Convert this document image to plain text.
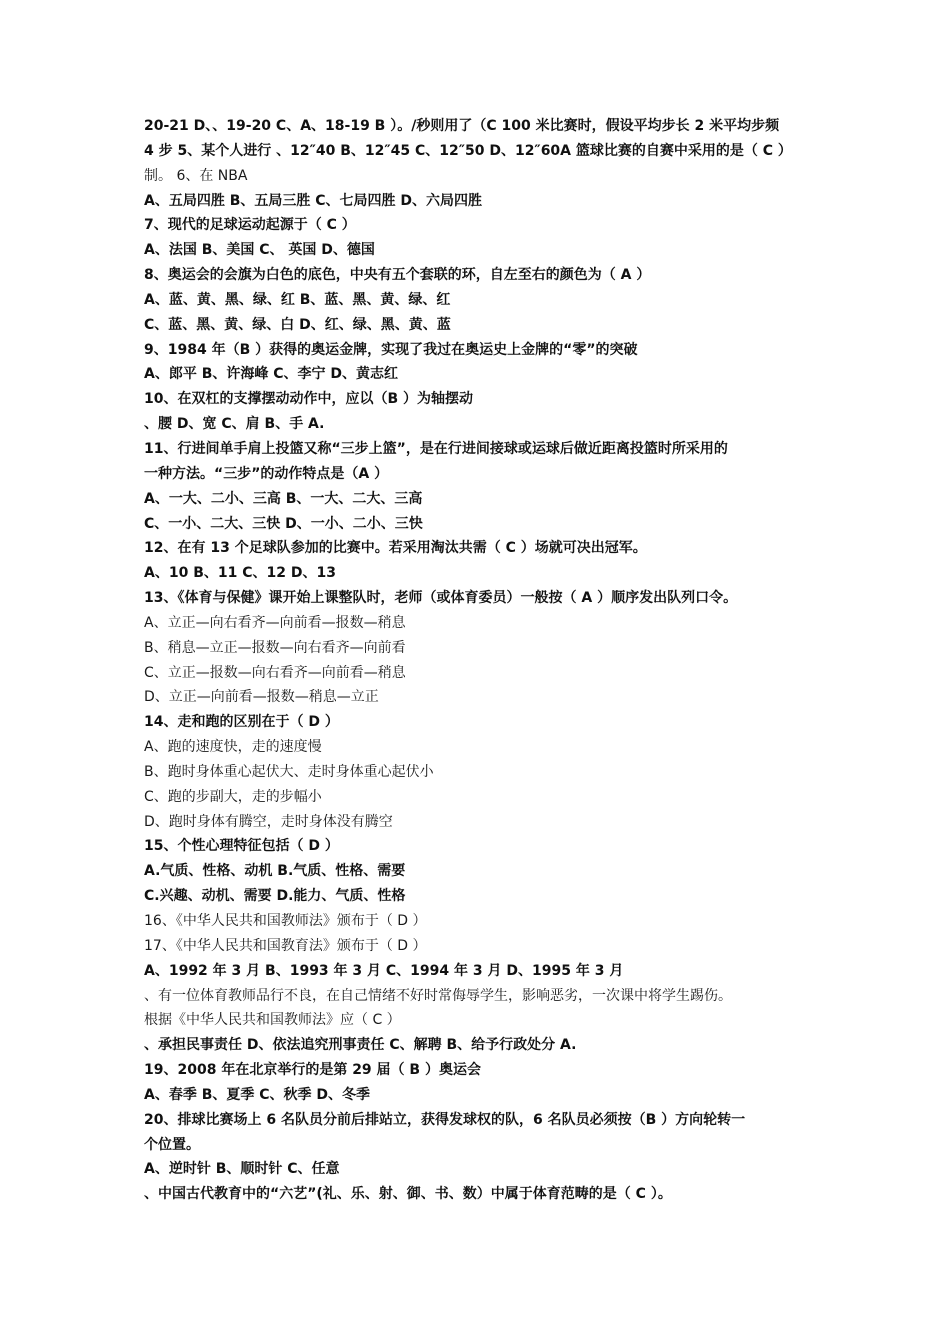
20-21 D、、19-20 C、A、18-19 B ）。/秒则用了（C 100 米比赛时，假设平均步长 2 米平均步频
4 步 5、某个人进行 、12″40 B、12″45 C、12″50 D、12″60A 篮球比赛的自赛中采用的是（ C ）
制。 6、在 NBA
A、五局四胜 B、五局三胜 C、七局四胜 D、六局四胜
7、现代的足球运动起源于（ C ）
A、法国 B、美国 C、 英国 D、德国
8、奥运会的会旗为白色的底色，中央有五个套联的环，自左至右的颜色为（ A ）
A、蓝、黄、黑、绿、红 B、蓝、黑、黄、绿、红
C、蓝、黑、黄、绿、白 D、红、绿、黑、黄、蓝
9、1984 年（B ）获得的奥运金牌，实现了我过在奥运史上金牌的“零”的突破
A、郎平 B、许海峰 C、李宁 D、黄志红
10、在双杠的支撑摆动动作中，应以（B ）为轴摆动
、腰 D、宽 C、肩 B、手 A.
11、行进间单手肩上投篮又称“三步上篮”，是在行进间接球或运球后做近距离投篮时所采用的
一种方法。“三步”的动作特点是（A ）
A、一大、二小、三高 B、一大、二大、三高
C、一小、二大、三快 D、一小、二小、三快
12、在有 13 个足球队参加的比赛中。若采用淘汰共需（ C ）场就可决出冠军。
A、10 B、11 C、12 D、13
13、《体育与保健》课开始上课整队时，老师（或体育委员）一般按（ A ）顺序发出队列口令。
A、立正—向右看齐—向前看—报数—稍息
B、稍息—立正—报数—向右看齐—向前看
C、立正—报数—向右看齐—向前看—稍息
D、立正—向前看—报数—稍息—立正
14、走和跑的区别在于（ D ）
A、跑的速度快，走的速度慢
B、跑时身体重心起伏大、走时身体重心起伏小
C、跑的步副大，走的步幅小
D、跑时身体有腾空，走时身体没有腾空
15、个性心理特征包括（ D ）
A.气质、性格、动机 B.气质、性格、需要
C.兴趣、动机、需要 D.能力、气质、性格
16、《中华人民共和国教师法》颁布于（ D ）
17、《中华人民共和国教育法》颁布于（ D ）
A、1992 年 3 月 B、1993 年 3 月 C、1994 年 3 月 D、1995 年 3 月
、有一位体育教师品行不良，在自己情绪不好时常侮辱学生，影响恶劣，一次课中将学生踢伤。
根据《中华人民共和国教师法》应（ C ）
、承担民事责任 D、依法追究刑事责任 C、解聘 B、给予行政处分 A.
19、2008 年在北京举行的是第 29 届（ B ）奥运会
A、春季 B、夏季 C、秋季 D、冬季
20、排球比赛场上 6 名队员分前后排站立，获得发球权的队，6 名队员必须按（B ）方向轮转一
个位置。
A、逆时针 B、顺时针 C、任意
、中国古代教育中的“六艺”(礼、乐、射、御、书、数）中属于体育范畴的是（ C ）。
